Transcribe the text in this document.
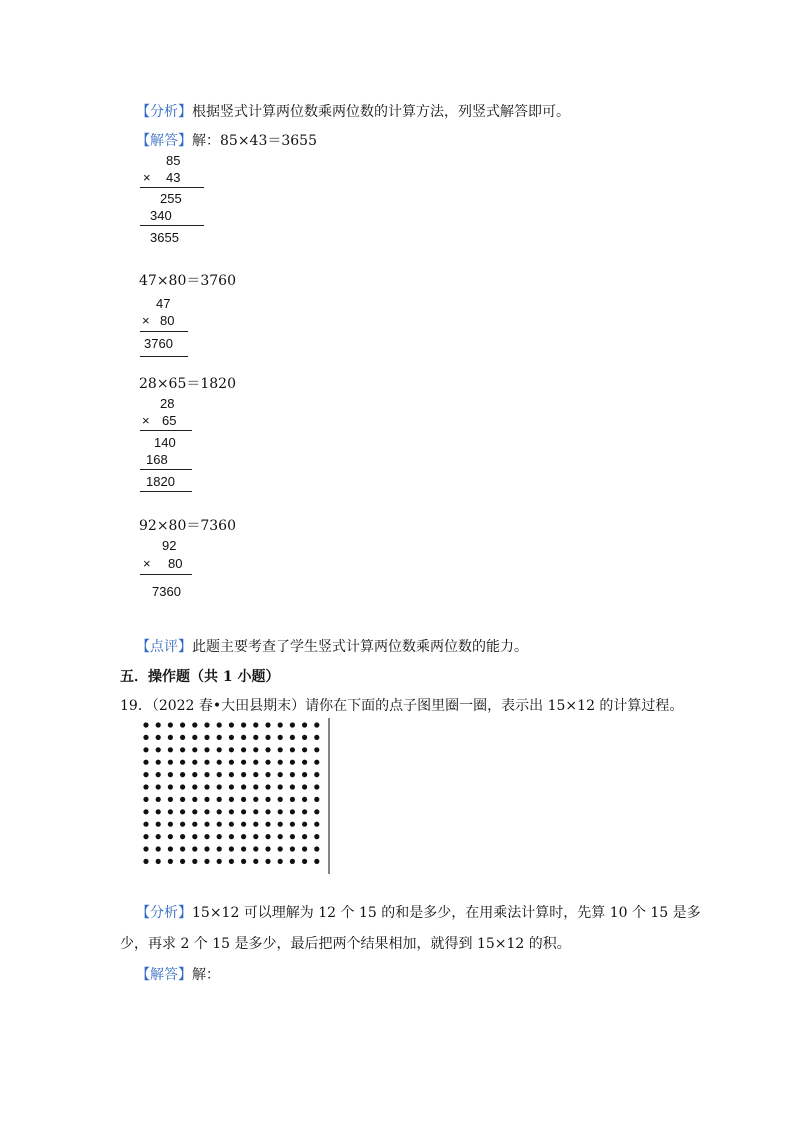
【分析】根据竖式计算两位数乘两位数的计算方法，列竖式解答即可。
【解答】解：85×43＝3655
85
× 43
255
340
3655
47×80＝3760
47
× 80
3760
28×65＝1820
28
× 65
140
168
1820
92×80＝7360
92
× 80
7360
【点评】此题主要考查了学生竖式计算两位数乘两位数的能力。
五．操作题（共 1 小题）
19．（2022 春•大田县期末）请你在下面的点子图里圈一圈，表示出 15×12 的计算过程。
【分析】15×12 可以理解为 12 个 15 的和是多少，在用乘法计算时，先算 10 个 15 是多
少，再求 2 个 15 是多少，最后把两个结果相加，就得到 15×12 的积。
【解答】解：
